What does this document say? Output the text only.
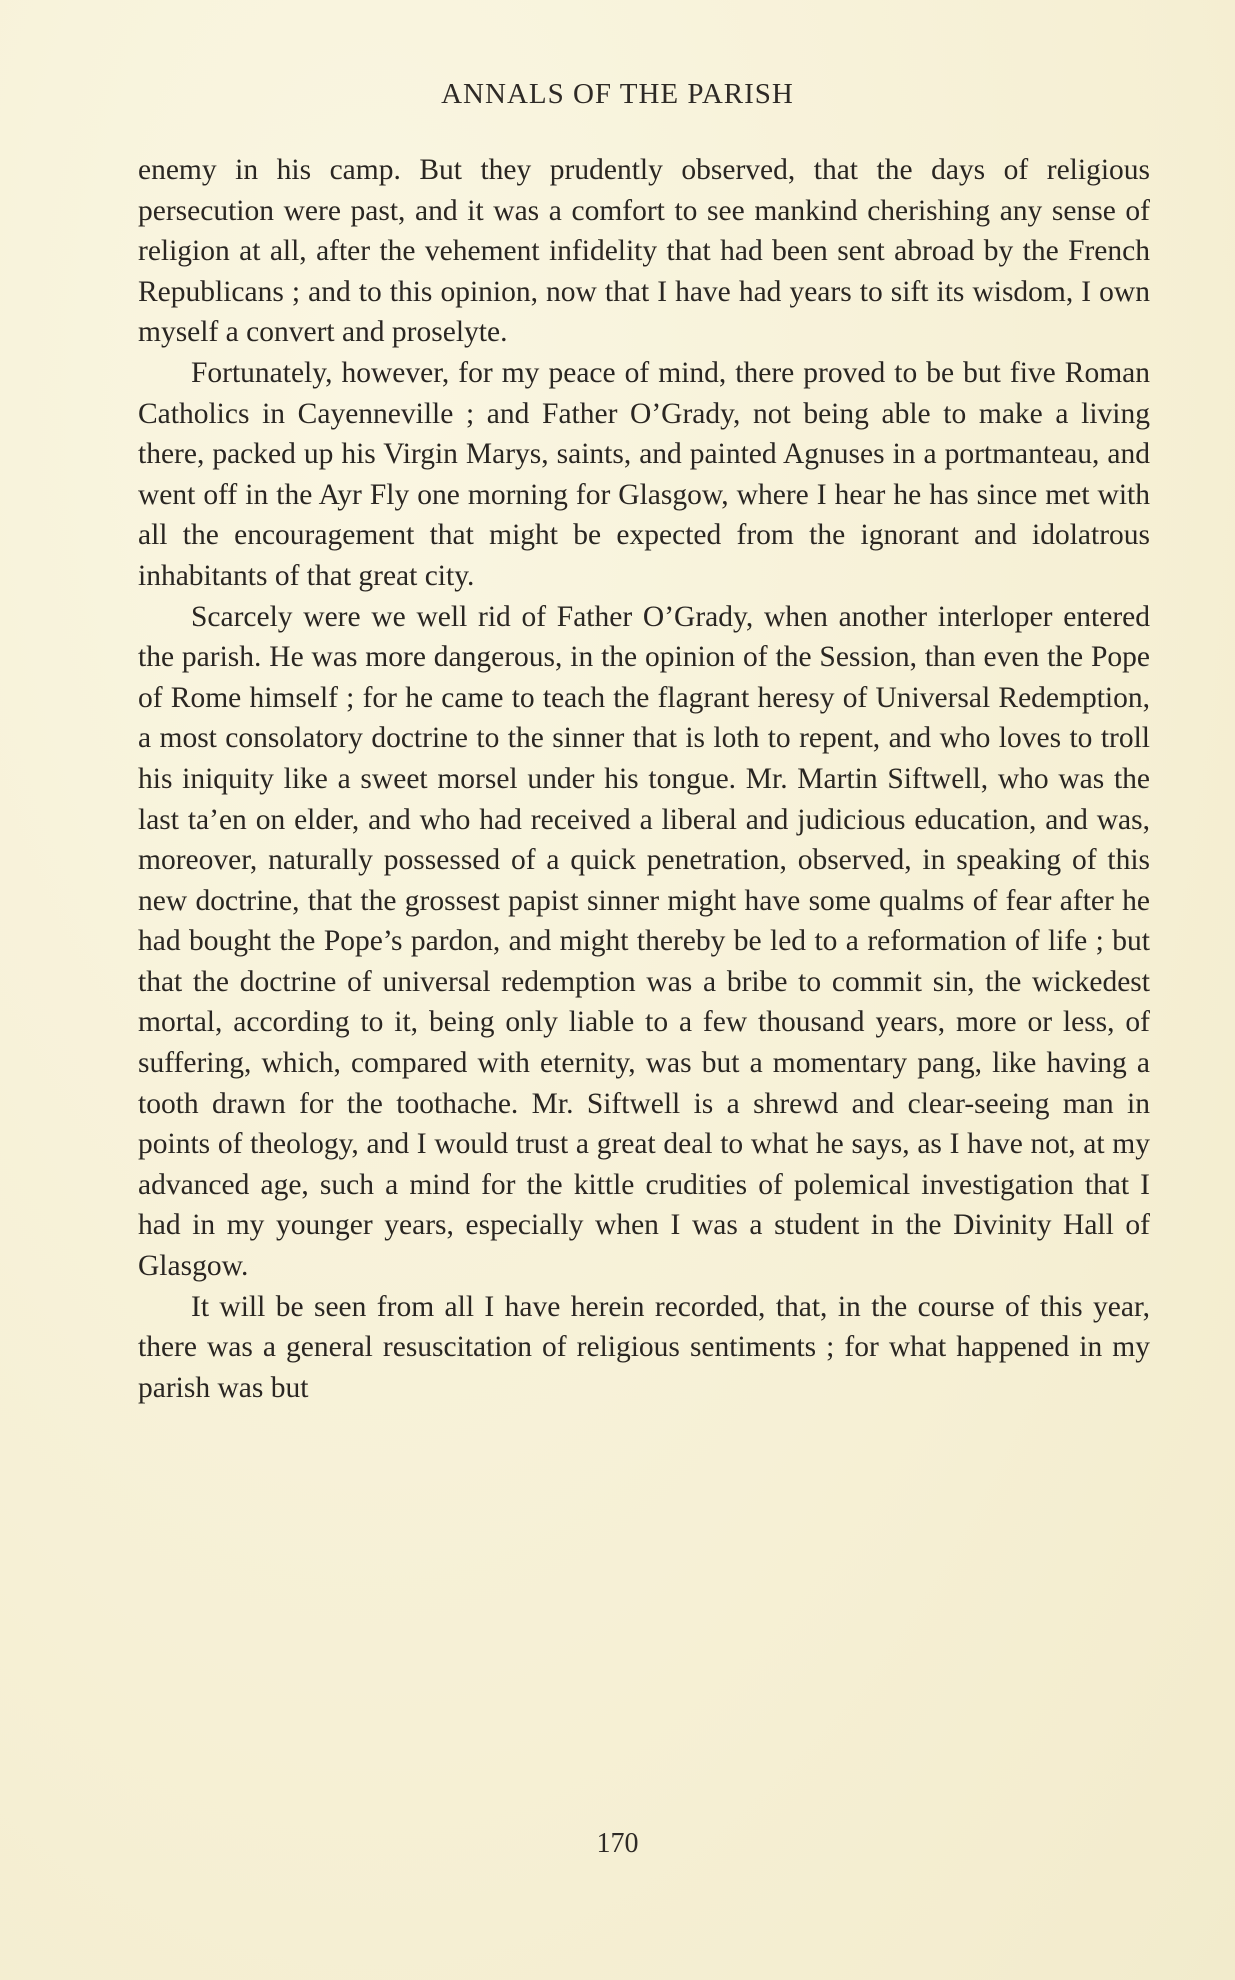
ANNALS OF THE PARISH

enemy in his camp. But they prudently observed, that the days of religious persecution were past, and it was a comfort to see mankind cherishing any sense of religion at all, after the vehement infidelity that had been sent abroad by the French Republicans ; and to this opinion, now that I have had years to sift its wisdom, I own myself a convert and proselyte.

Fortunately, however, for my peace of mind, there proved to be but five Roman Catholics in Cayenneville ; and Father O’Grady, not being able to make a living there, packed up his Virgin Marys, saints, and painted Agnuses in a portmanteau, and went off in the Ayr Fly one morning for Glasgow, where I hear he has since met with all the encouragement that might be expected from the ignorant and idolatrous inhabitants of that great city.

Scarcely were we well rid of Father O’Grady, when another interloper entered the parish. He was more dangerous, in the opinion of the Session, than even the Pope of Rome himself ; for he came to teach the flagrant heresy of Universal Redemption, a most consolatory doctrine to the sinner that is loth to repent, and who loves to troll his iniquity like a sweet morsel under his tongue. Mr. Martin Siftwell, who was the last ta’en on elder, and who had received a liberal and judicious education, and was, moreover, naturally possessed of a quick penetration, observed, in speaking of this new doctrine, that the grossest papist sinner might have some qualms of fear after he had bought the Pope’s pardon, and might thereby be led to a reformation of life ; but that the doctrine of universal redemption was a bribe to commit sin, the wickedest mortal, according to it, being only liable to a few thousand years, more or less, of suffering, which, compared with eternity, was but a momentary pang, like having a tooth drawn for the toothache. Mr. Siftwell is a shrewd and clear-seeing man in points of theology, and I would trust a great deal to what he says, as I have not, at my advanced age, such a mind for the kittle crudities of polemical investigation that I had in my younger years, especially when I was a student in the Divinity Hall of Glasgow.

It will be seen from all I have herein recorded, that, in the course of this year, there was a general resuscitation of religious sentiments ; for what happened in my parish was but

170
